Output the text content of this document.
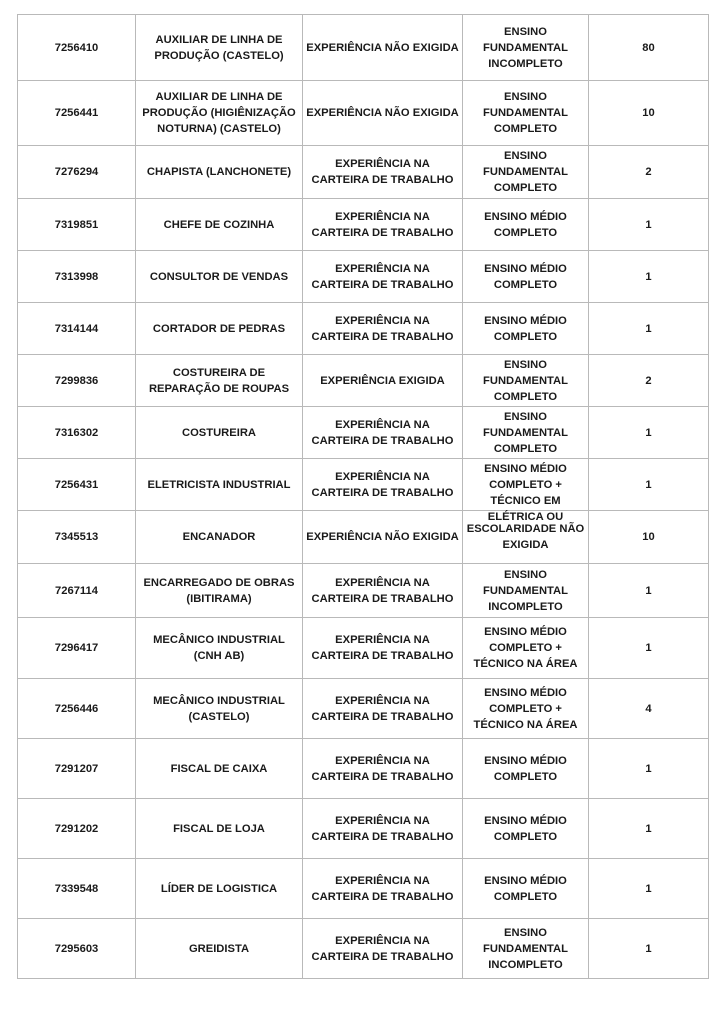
7256410	AUXILIAR DE LINHA DE PRODUÇÃO (CASTELO)	EXPERIÊNCIA NÃO EXIGIDA	ENSINO FUNDAMENTAL INCOMPLETO	80

7256441	AUXILIAR DE LINHA DE PRODUÇÃO (HIGIÊNIZAÇÃO NOTURNA) (CASTELO)	EXPERIÊNCIA NÃO EXIGIDA	ENSINO FUNDAMENTAL COMPLETO	10

7276294	CHAPISTA (LANCHONETE)	EXPERIÊNCIA NA CARTEIRA DE TRABALHO	ENSINO FUNDAMENTAL COMPLETO	2

7319851	CHEFE DE COZINHA	EXPERIÊNCIA NA CARTEIRA DE TRABALHO	ENSINO MÉDIO COMPLETO	1

7313998	CONSULTOR DE VENDAS	EXPERIÊNCIA NA CARTEIRA DE TRABALHO	ENSINO MÉDIO COMPLETO	1

7314144	CORTADOR DE PEDRAS	EXPERIÊNCIA NA CARTEIRA DE TRABALHO	ENSINO MÉDIO COMPLETO	1

7299836	COSTUREIRA DE REPARAÇÃO DE ROUPAS	EXPERIÊNCIA EXIGIDA	ENSINO FUNDAMENTAL COMPLETO	2

7316302	COSTUREIRA	EXPERIÊNCIA NA CARTEIRA DE TRABALHO	ENSINO FUNDAMENTAL COMPLETO	1

7256431	ELETRICISTA INDUSTRIAL	EXPERIÊNCIA NA CARTEIRA DE TRABALHO	ENSINO MÉDIO COMPLETO + TÉCNICO EM ELÉTRICA OU	1

7345513	ENCANADOR	EXPERIÊNCIA NÃO EXIGIDA	ESCOLARIDADE NÃO EXIGIDA	10

7267114	ENCARREGADO DE OBRAS (IBITIRAMA)	EXPERIÊNCIA NA CARTEIRA DE TRABALHO	ENSINO FUNDAMENTAL INCOMPLETO	1

7296417	MECÂNICO INDUSTRIAL (CNH AB)	EXPERIÊNCIA NA CARTEIRA DE TRABALHO	ENSINO MÉDIO COMPLETO + TÉCNICO NA ÁREA	1

7256446	MECÂNICO INDUSTRIAL (CASTELO)	EXPERIÊNCIA NA CARTEIRA DE TRABALHO	ENSINO MÉDIO COMPLETO + TÉCNICO NA ÁREA	4

7291207	FISCAL DE CAIXA	EXPERIÊNCIA NA CARTEIRA DE TRABALHO	ENSINO MÉDIO COMPLETO	1

7291202	FISCAL DE LOJA	EXPERIÊNCIA NA CARTEIRA DE TRABALHO	ENSINO MÉDIO COMPLETO	1

7339548	LÍDER DE LOGISTICA	EXPERIÊNCIA NA CARTEIRA DE TRABALHO	ENSINO MÉDIO COMPLETO	1

7295603	GREIDISTA	EXPERIÊNCIA NA CARTEIRA DE TRABALHO	ENSINO FUNDAMENTAL INCOMPLETO	1
